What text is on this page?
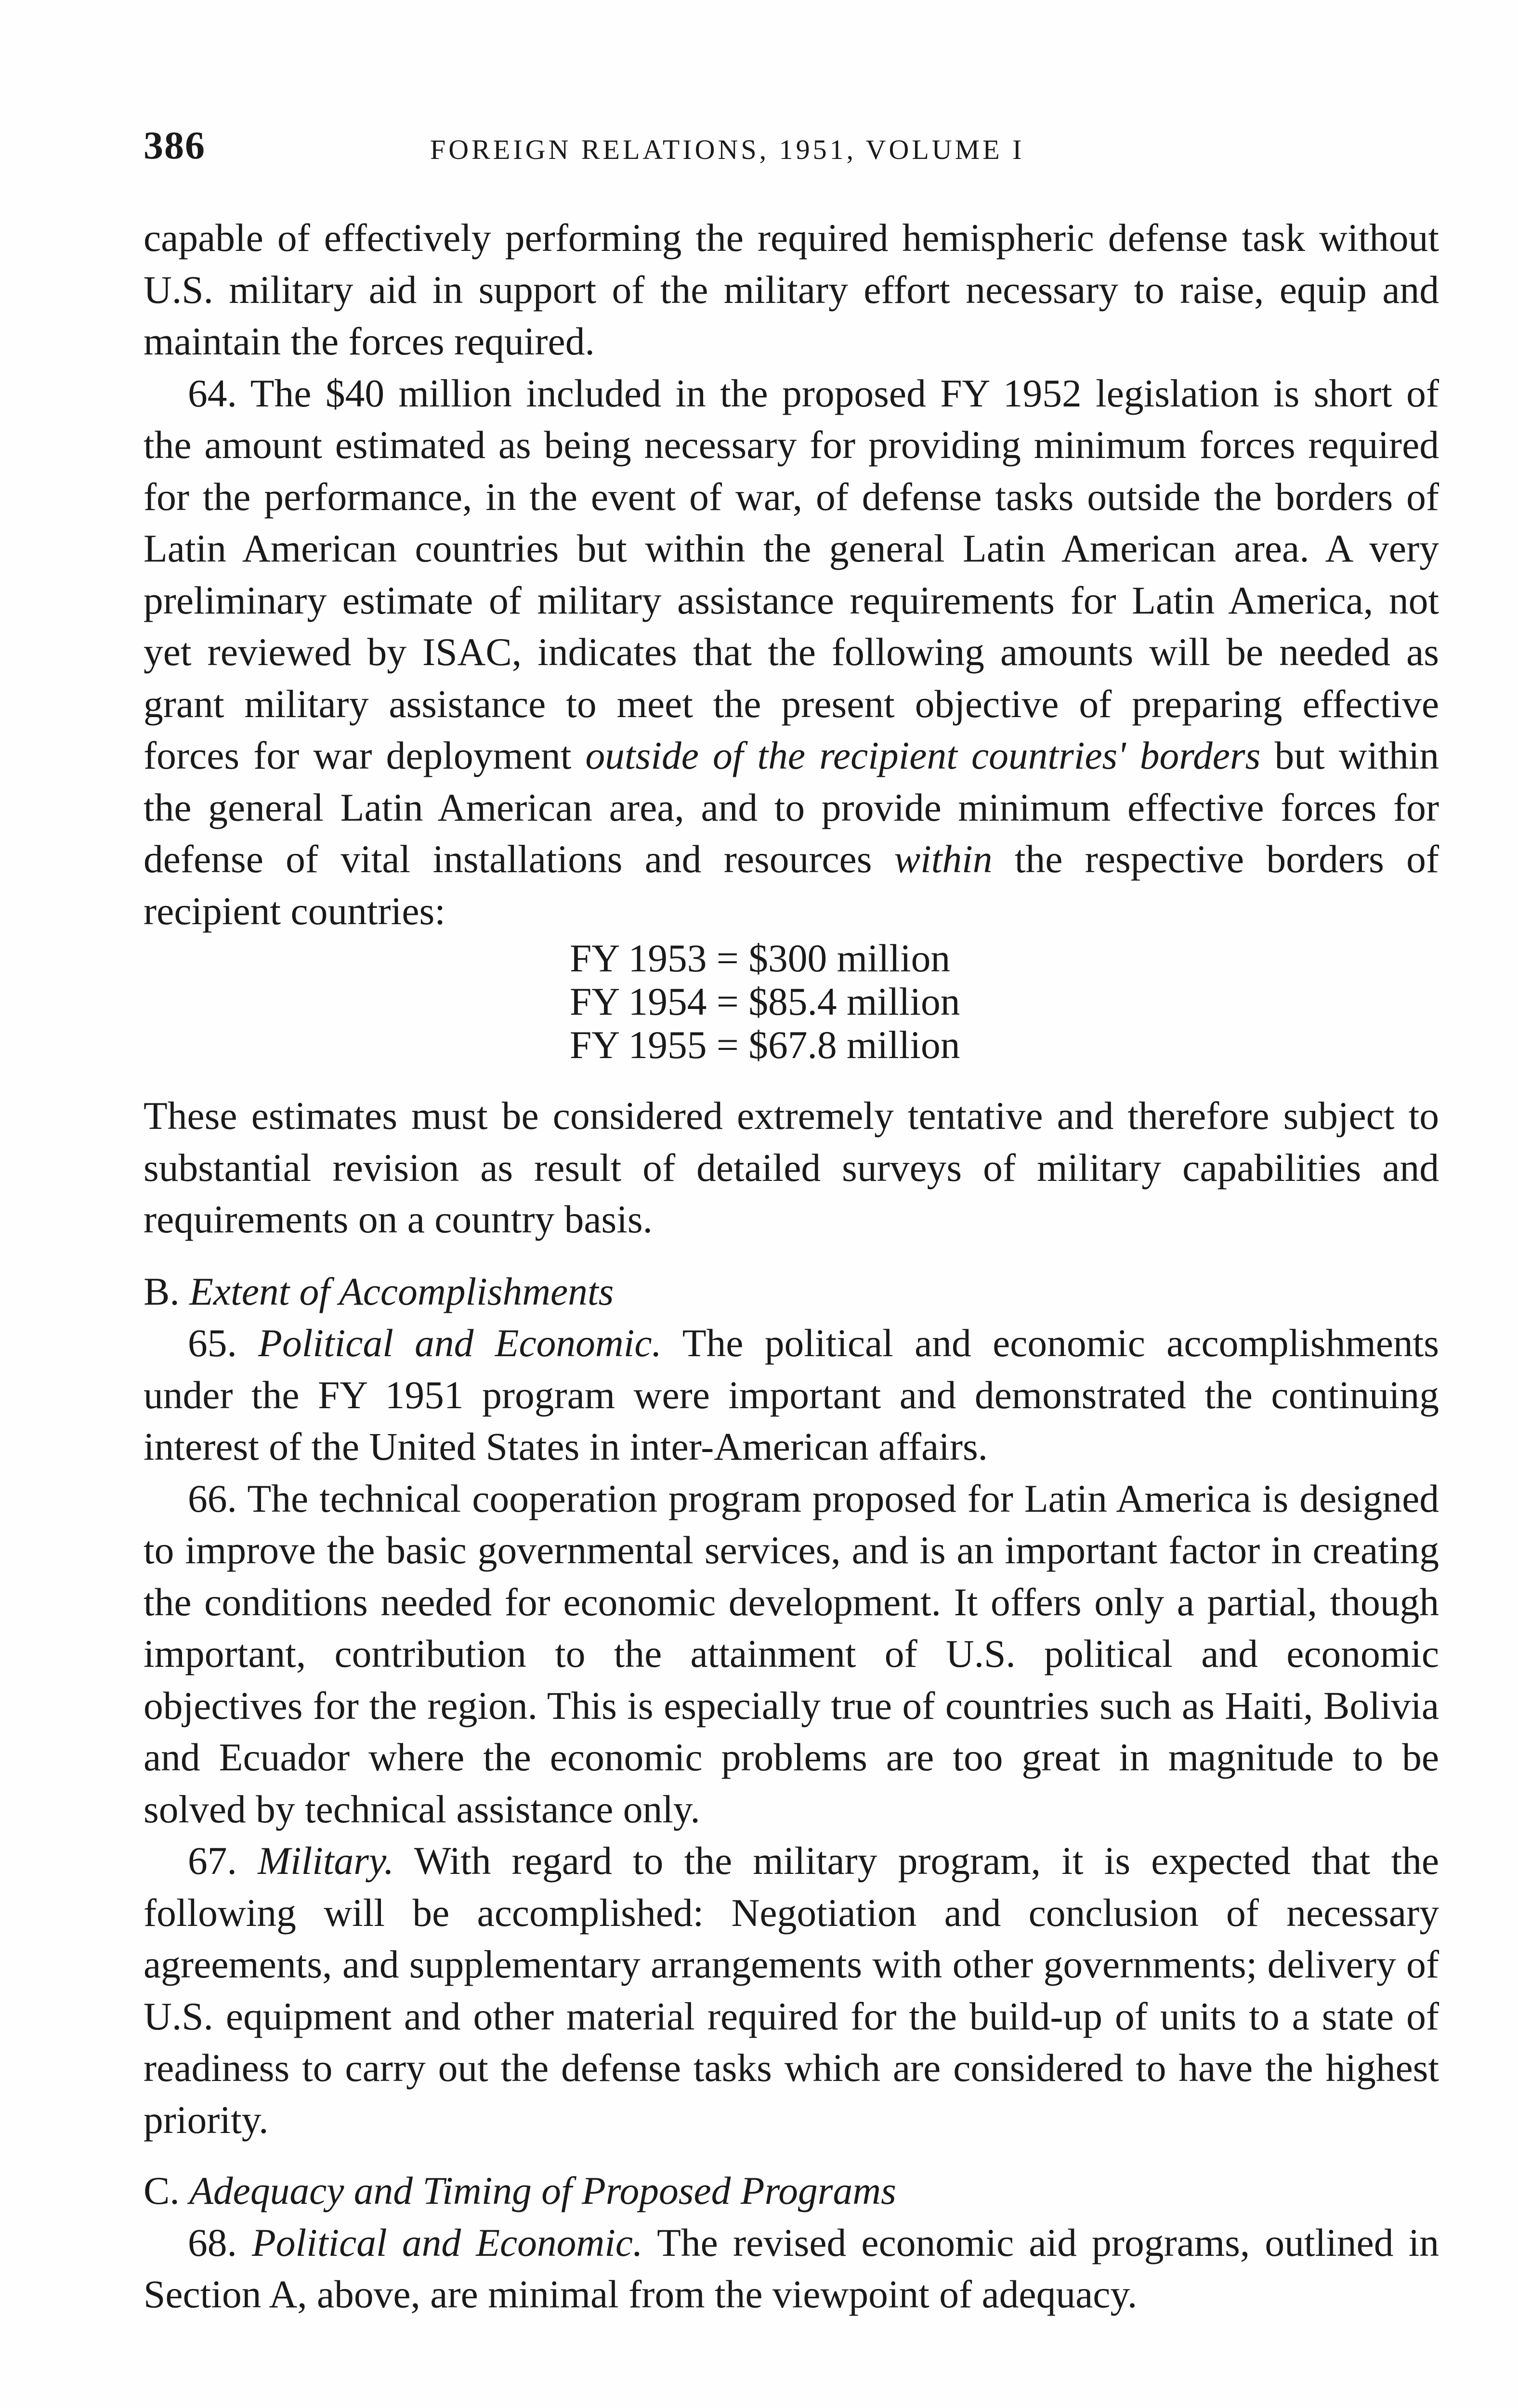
386	FOREIGN RELATIONS, 1951, VOLUME I

capable of effectively performing the required hemispheric defense task without U.S. military aid in support of the military effort necessary to raise, equip and maintain the forces required.

64. The $40 million included in the proposed FY 1952 legislation is short of the amount estimated as being necessary for providing minimum forces required for the performance, in the event of war, of defense tasks outside the borders of Latin American countries but within the general Latin American area. A very preliminary estimate of military assistance requirements for Latin America, not yet reviewed by ISAC, indicates that the following amounts will be needed as grant military assistance to meet the present objective of preparing effective forces for war deployment outside of the recipient countries' borders but within the general Latin American area, and to provide minimum effective forces for defense of vital installations and resources within the respective borders of recipient countries:

FY 1953 = $300 million
FY 1954 = $85.4 million
FY 1955 = $67.8 million

These estimates must be considered extremely tentative and therefore subject to substantial revision as result of detailed surveys of military capabilities and requirements on a country basis.

B. Extent of Accomplishments

65. Political and Economic. The political and economic accomplishments under the FY 1951 program were important and demonstrated the continuing interest of the United States in inter-American affairs.

66. The technical cooperation program proposed for Latin America is designed to improve the basic governmental services, and is an important factor in creating the conditions needed for economic development. It offers only a partial, though important, contribution to the attainment of U.S. political and economic objectives for the region. This is especially true of countries such as Haiti, Bolivia and Ecuador where the economic problems are too great in magnitude to be solved by technical assistance only.

67. Military. With regard to the military program, it is expected that the following will be accomplished: Negotiation and conclusion of necessary agreements, and supplementary arrangements with other governments; delivery of U.S. equipment and other material required for the build-up of units to a state of readiness to carry out the defense tasks which are considered to have the highest priority.

C. Adequacy and Timing of Proposed Programs

68. Political and Economic. The revised economic aid programs, outlined in Section A, above, are minimal from the viewpoint of adequacy.
